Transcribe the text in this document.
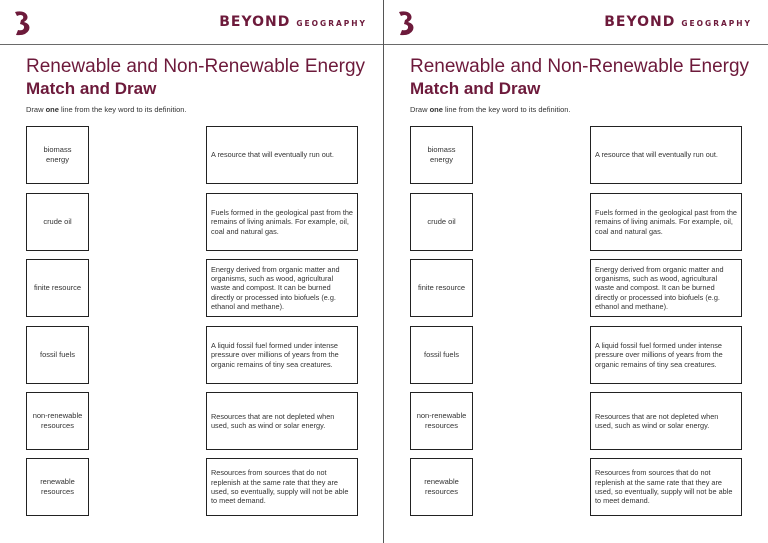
BEYOND GEOGRAPHY
Renewable and Non-Renewable Energy
Match and Draw
Draw one line from the key word to its definition.
biomass
energy
crude oil
finite resource
fossil fuels
non-renewable
resources
renewable
resources
A resource that will eventually run out.
Fuels formed in the geological past from the remains of living animals. For example, oil, coal and natural gas.
Energy derived from organic matter and organisms, such as wood, agricultural waste and compost. It can be burned directly or processed into biofuels (e.g. ethanol and methane).
A liquid fossil fuel formed under intense pressure over millions of years from the organic remains of tiny sea creatures.
Resources that are not depleted when used, such as wind or solar energy.
Resources from sources that do not replenish at the same rate that they are used, so eventually, supply will not be able to meet demand.
BEYOND GEOGRAPHY
Renewable and Non-Renewable Energy
Match and Draw
Draw one line from the key word to its definition.
biomass
energy
crude oil
finite resource
fossil fuels
non-renewable
resources
renewable
resources
A resource that will eventually run out.
Fuels formed in the geological past from the remains of living animals. For example, oil, coal and natural gas.
Energy derived from organic matter and organisms, such as wood, agricultural waste and compost. It can be burned directly or processed into biofuels (e.g. ethanol and methane).
A liquid fossil fuel formed under intense pressure over millions of years from the organic remains of tiny sea creatures.
Resources that are not depleted when used, such as wind or solar energy.
Resources from sources that do not replenish at the same rate that they are used, so eventually, supply will not be able to meet demand.
